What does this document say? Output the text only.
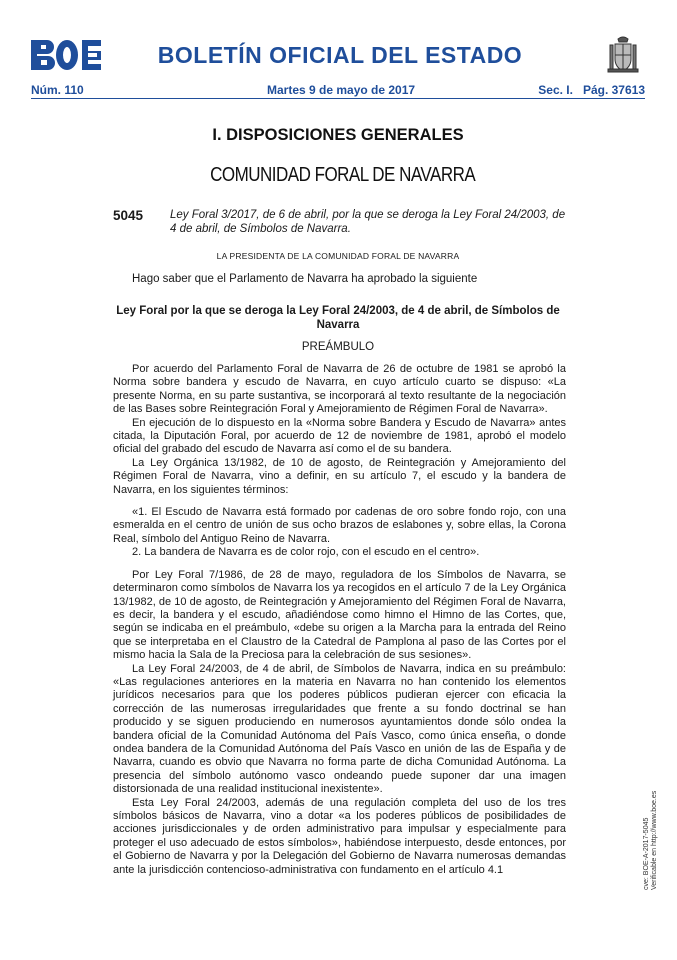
BOE
BOLETÍN OFICIAL DEL ESTADO
Núm. 110	Martes 9 de mayo de 2017	Sec. I.   Pág. 37613
I. DISPOSICIONES GENERALES
COMUNIDAD FORAL DE NAVARRA
5045 Ley Foral 3/2017, de 6 de abril, por la que se deroga la Ley Foral 24/2003, de 4 de abril, de Símbolos de Navarra.
LA PRESIDENTA DE LA COMUNIDAD FORAL DE NAVARRA
Hago saber que el Parlamento de Navarra ha aprobado la siguiente
Ley Foral por la que se deroga la Ley Foral 24/2003, de 4 de abril, de Símbolos de Navarra
PREÁMBULO

Por acuerdo del Parlamento Foral de Navarra de 26 de octubre de 1981 se aprobó la Norma sobre bandera y escudo de Navarra, en cuyo artículo cuarto se dispuso: «La presente Norma, en su parte sustantiva, se incorporará al texto resultante de la negociación de las Bases sobre Reintegración Foral y Amejoramiento de Régimen Foral de Navarra».

En ejecución de lo dispuesto en la «Norma sobre Bandera y Escudo de Navarra» antes citada, la Diputación Foral, por acuerdo de 12 de noviembre de 1981, aprobó el modelo oficial del grabado del escudo de Navarra así como el de su bandera.

La Ley Orgánica 13/1982, de 10 de agosto, de Reintegración y Amejoramiento del Régimen Foral de Navarra, vino a definir, en su artículo 7, el escudo y la bandera de Navarra, en los siguientes términos:

«1. El Escudo de Navarra está formado por cadenas de oro sobre fondo rojo, con una esmeralda en el centro de unión de sus ocho brazos de eslabones y, sobre ellas, la Corona Real, símbolo del Antiguo Reino de Navarra.

2. La bandera de Navarra es de color rojo, con el escudo en el centro».

Por Ley Foral 7/1986, de 28 de mayo, reguladora de los Símbolos de Navarra, se determinaron como símbolos de Navarra los ya recogidos en el artículo 7 de la Ley Orgánica 13/1982, de 10 de agosto, de Reintegración y Amejoramiento del Régimen Foral de Navarra, es decir, la bandera y el escudo, añadiéndose como himno el Himno de las Cortes, que, según se indicaba en el preámbulo, «debe su origen a la Marcha para la entrada del Reino que se interpretaba en el Claustro de la Catedral de Pamplona al paso de las Cortes por el mismo hacia la Sala de la Preciosa para la celebración de sus sesiones».

La Ley Foral 24/2003, de 4 de abril, de Símbolos de Navarra, indica en su preámbulo: «Las regulaciones anteriores en la materia en Navarra no han contenido los elementos jurídicos necesarios para que los poderes públicos pudieran ejercer con eficacia la corrección de las numerosas irregularidades que frente a su fondo doctrinal se han producido y se siguen produciendo en numerosos ayuntamientos donde sólo ondea la bandera oficial de la Comunidad Autónoma del País Vasco, como única enseña, o donde ondea bandera de la Comunidad Autónoma del País Vasco en unión de las de España y de Navarra, cuando es obvio que Navarra no forma parte de dicha Comunidad Autónoma. La presencia del símbolo autónomo vasco ondeando puede suponer dar una imagen distorsionada de una realidad institucional inexistente».

Esta Ley Foral 24/2003, además de una regulación completa del uso de los tres símbolos básicos de Navarra, vino a dotar «a los poderes públicos de posibilidades de acciones jurisdiccionales y de orden administrativo para impulsar y especialmente para proteger el uso adecuado de estos símbolos», habiéndose interpuesto, desde entonces, por el Gobierno de Navarra y por la Delegación del Gobierno de Navarra numerosas demandas ante la jurisdicción contencioso-administrativa con fundamento en el artículo 4.1	cve: BOE-A-2017-5045 Verificable en http://www.boe.es
